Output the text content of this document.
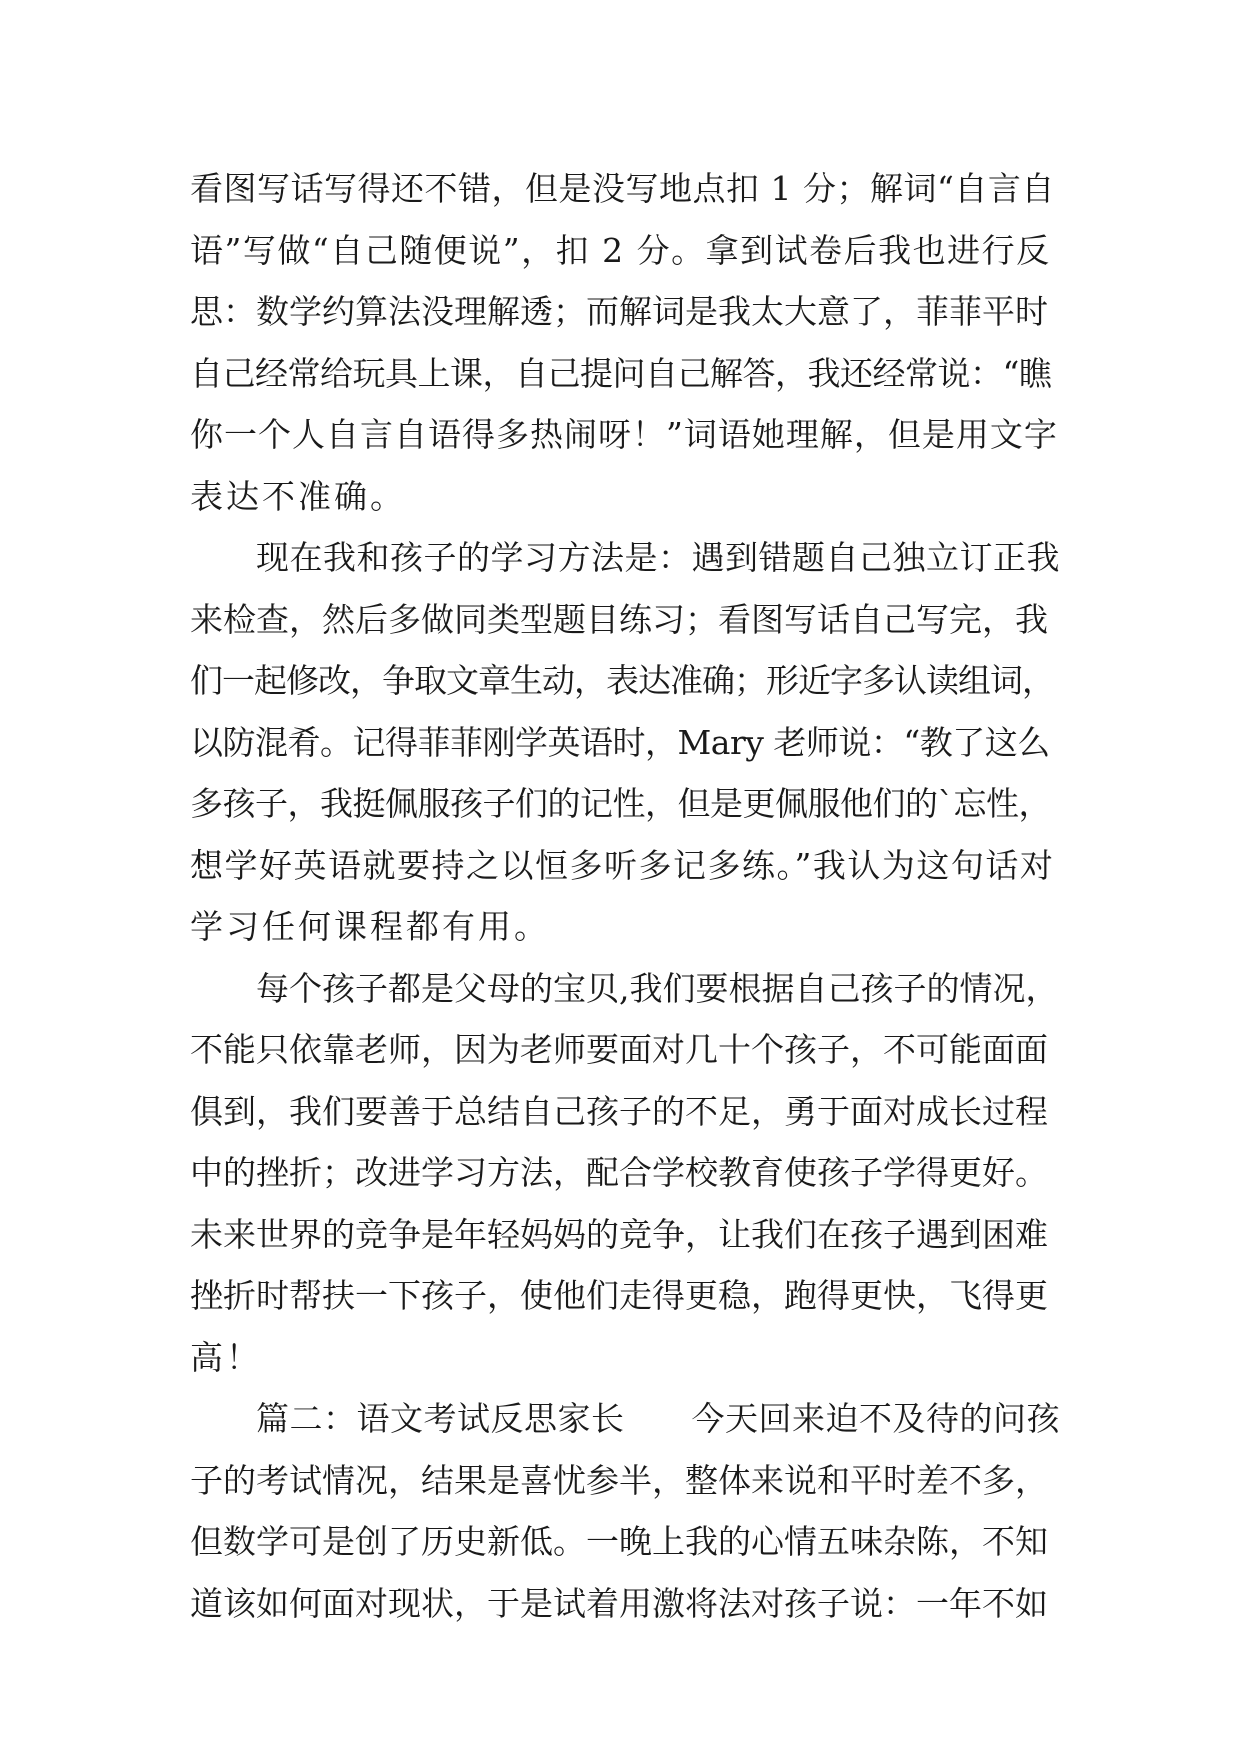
看图写话写得还不错，但是没写地点扣 1 分；解词“自言自
语”写做“自己随便说”，扣 2 分。拿到试卷后我也进行反
思：数学约算法没理解透；而解词是我太大意了，菲菲平时
自己经常给玩具上课，自己提问自己解答，我还经常说：“瞧
你一个人自言自语得多热闹呀！”词语她理解，但是用文字
表达不准确。
现在我和孩子的学习方法是：遇到错题自己独立订正我
来检查，然后多做同类型题目练习；看图写话自己写完，我
们一起修改，争取文章生动，表达准确；形近字多认读组词，
以防混肴。记得菲菲刚学英语时，Mary 老师说：“教了这么
多孩子，我挺佩服孩子们的记性，但是更佩服他们的`忘性，
想学好英语就要持之以恒多听多记多练。”我认为这句话对
学习任何课程都有用。
每个孩子都是父母的宝贝,我们要根据自己孩子的情况，
不能只依靠老师，因为老师要面对几十个孩子，不可能面面
俱到，我们要善于总结自己孩子的不足，勇于面对成长过程
中的挫折；改进学习方法，配合学校教育使孩子学得更好。
未来世界的竞争是年轻妈妈的竞争，让我们在孩子遇到困难
挫折时帮扶一下孩子，使他们走得更稳，跑得更快，飞得更
高！
篇二：语文考试反思家长　　今天回来迫不及待的问孩
子的考试情况，结果是喜忧参半，整体来说和平时差不多，
但数学可是创了历史新低。一晚上我的心情五味杂陈，不知
道该如何面对现状，于是试着用激将法对孩子说：一年不如
